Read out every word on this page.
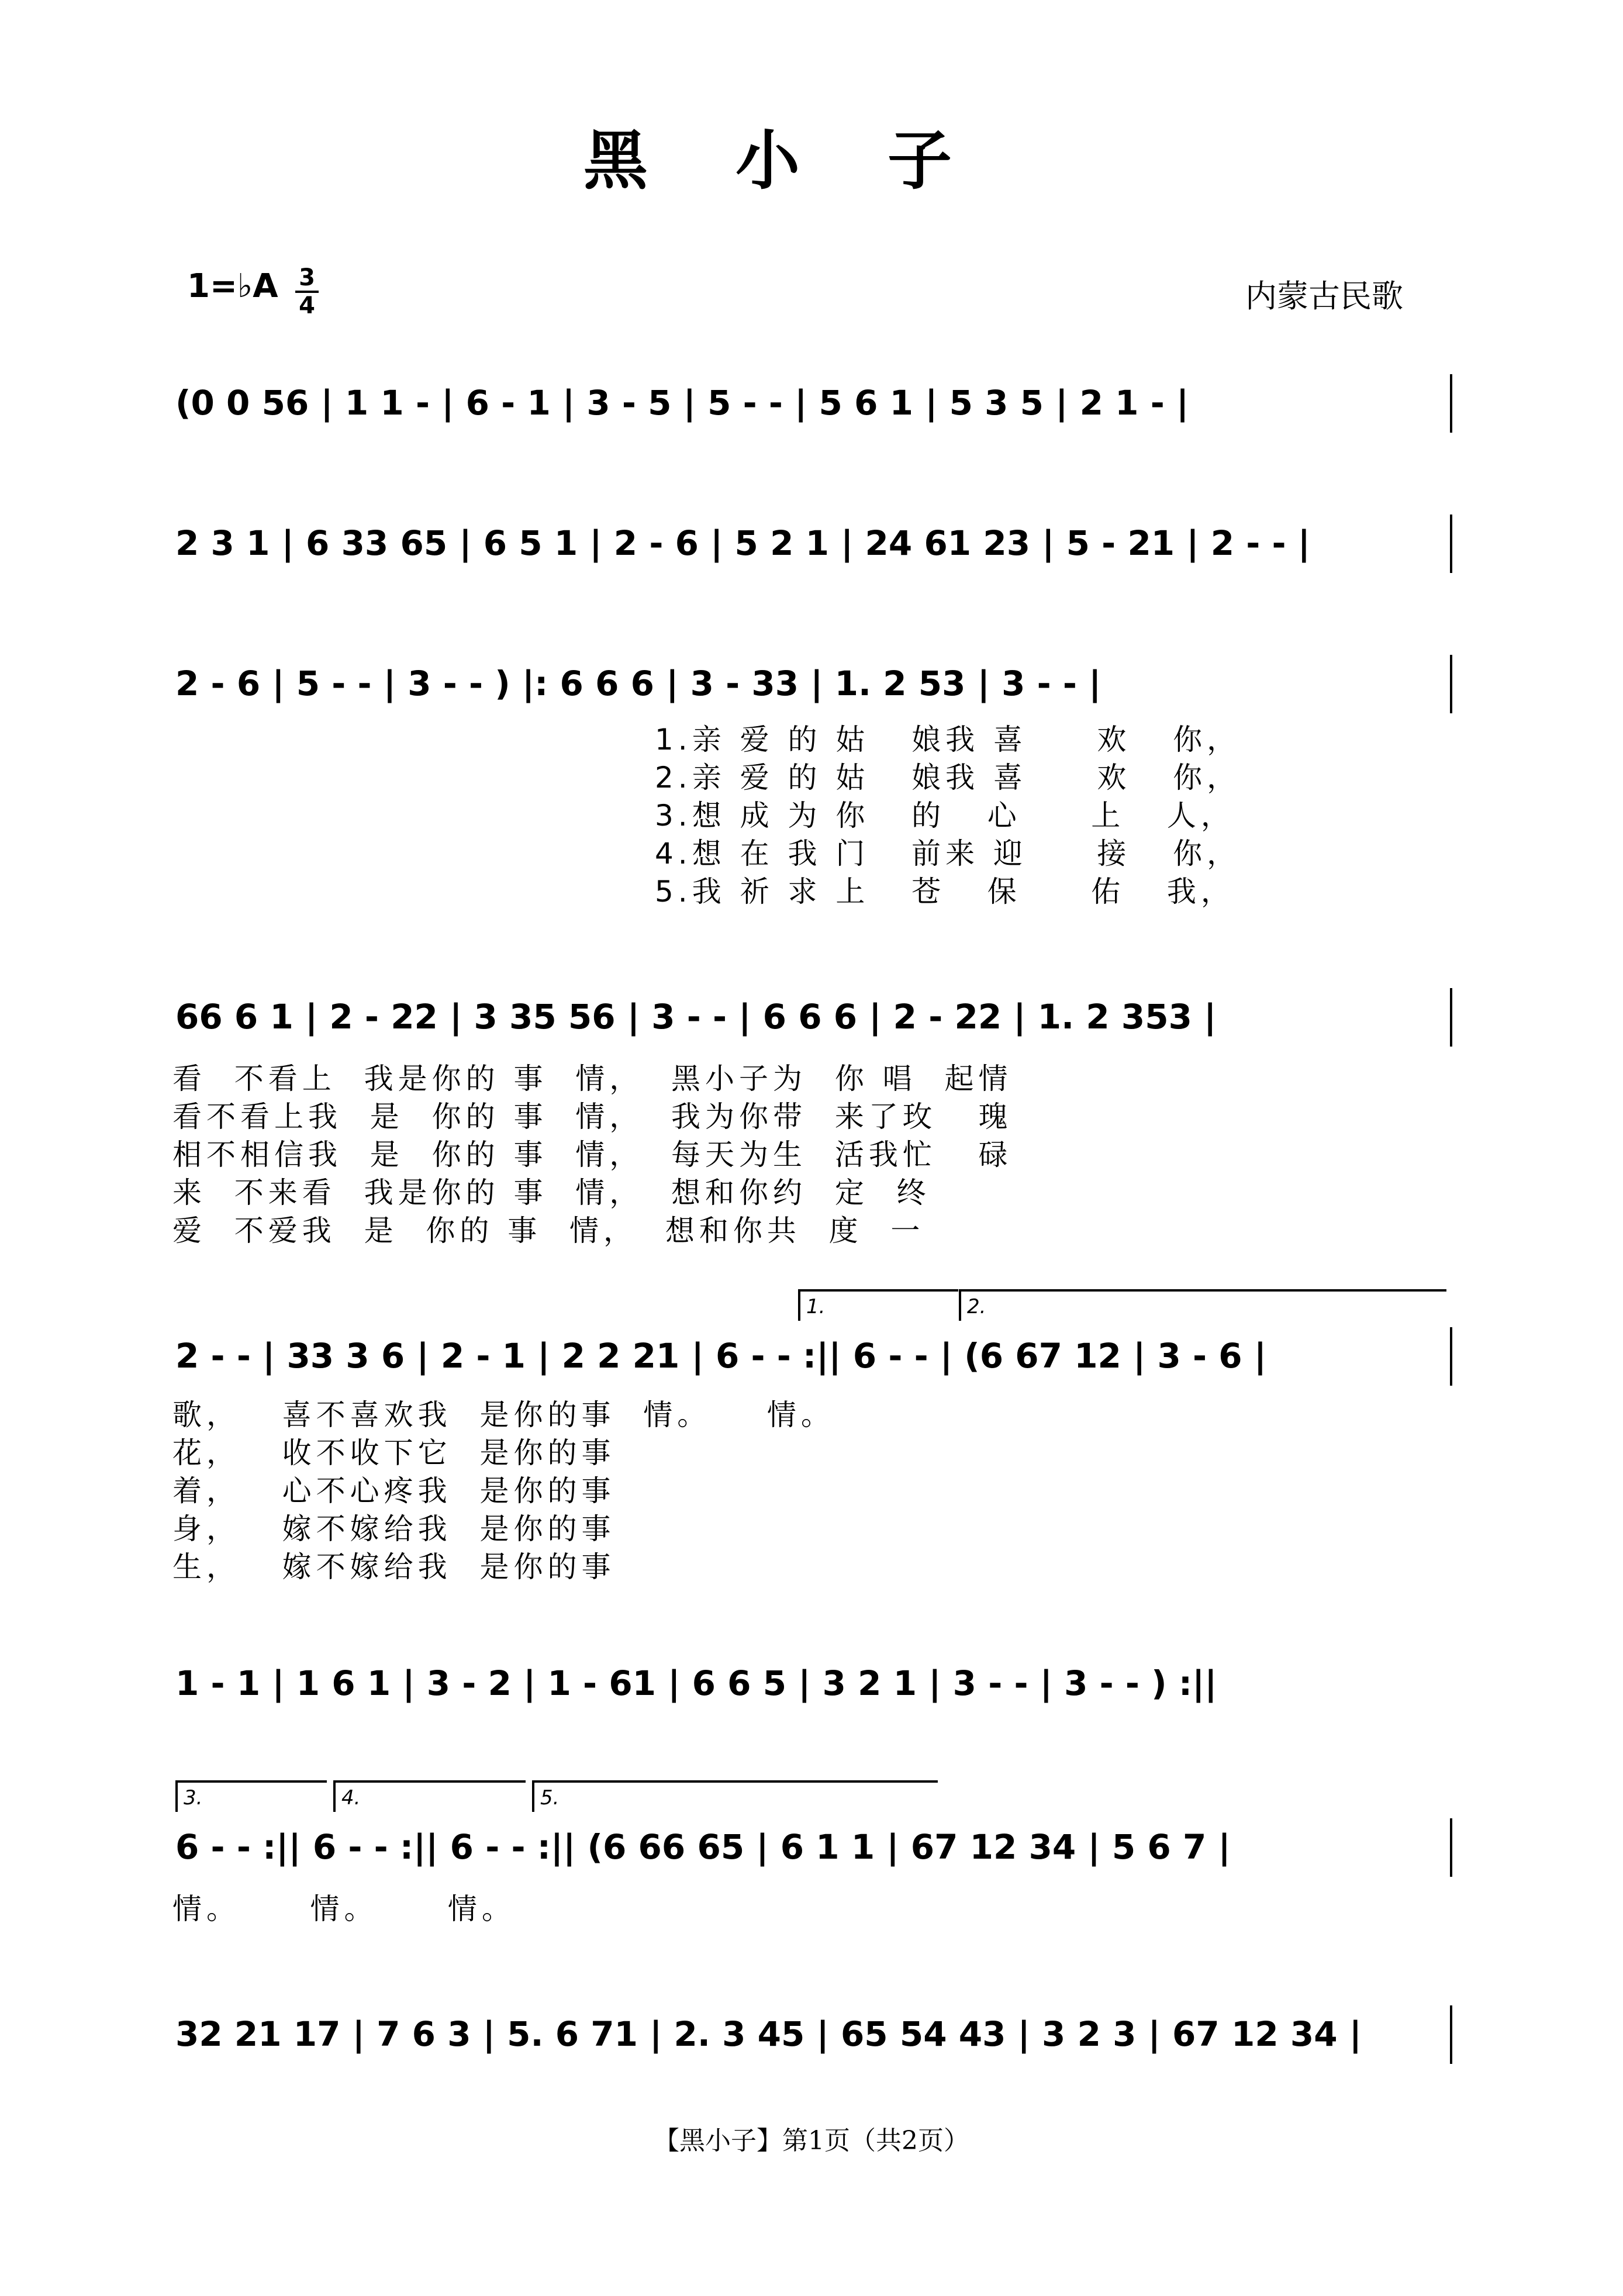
黑小子
1=♭A $\frac{3}{4}$	内蒙古民歌
(0 0 56 | 1 1 - | 6 - 1 | 3 - 5 | 5 - - | 5 6 1 | 5 3 5 | 2 1 - |
2 3 1 | 6 33 65 | 6 5 1 | 2 - 6 | 5 2 1 | 24 61 23 | 5 - 21 | 2 - - |
2 - 6 | 5 - - | 3 - - ) |: 6 6 6 | 3 - 33 | 1. 2 53 | 3 - - |
1.亲 爱 的 姑   娘我 喜     欢   你，
2.亲 爱 的 姑   娘我 喜     欢   你，
3.想 成 为 你   的   心     上   人，
4.想 在 我 门   前来 迎     接   你，
5.我 祈 求 上   苍   保     佑   我，
66 6 1 | 2 - 22 | 3 35 56 | 3 - - | 6 6 6 | 2 - 22 | 1. 2 353 |
看  不看上  我是你的 事  情，  黑小子为  你 唱  起情
看不看上我  是  你的 事  情，  我为你带  来了玫   瑰
相不相信我  是  你的 事  情，  每天为生  活我忙   碌
来  不来看  我是你的 事  情，  想和你约  定  终
爱  不爱我  是  你的 事  情，  想和你共  度  一
1.	2.
2 - - | 33 3 6 | 2 - 1 | 2 2 21 | 6 - - :|| 6 - - | (6 67 12 | 3 - 6 |
歌，   喜不喜欢我  是你的事  情。    情。
花，   收不收下它  是你的事
着，   心不心疼我  是你的事
身，   嫁不嫁给我  是你的事
生，   嫁不嫁给我  是你的事
1 - 1 | 1 6 1 | 3 - 2 | 1 - 61 | 6 6 5 | 3 2 1 | 3 - - | 3 - - ) :||
3.	4.	5.
6 - - :|| 6 - - :|| 6 - - :|| (6 66 65 | 6 1 1 | 67 12 34 | 5 6 7 |
情。     情。     情。
32 21 17 | 7 6 3 | 5. 6 71 | 2. 3 45 | 65 54 43 | 3 2 3 | 67 12 34 |
【黑小子】第1页（共2页）
